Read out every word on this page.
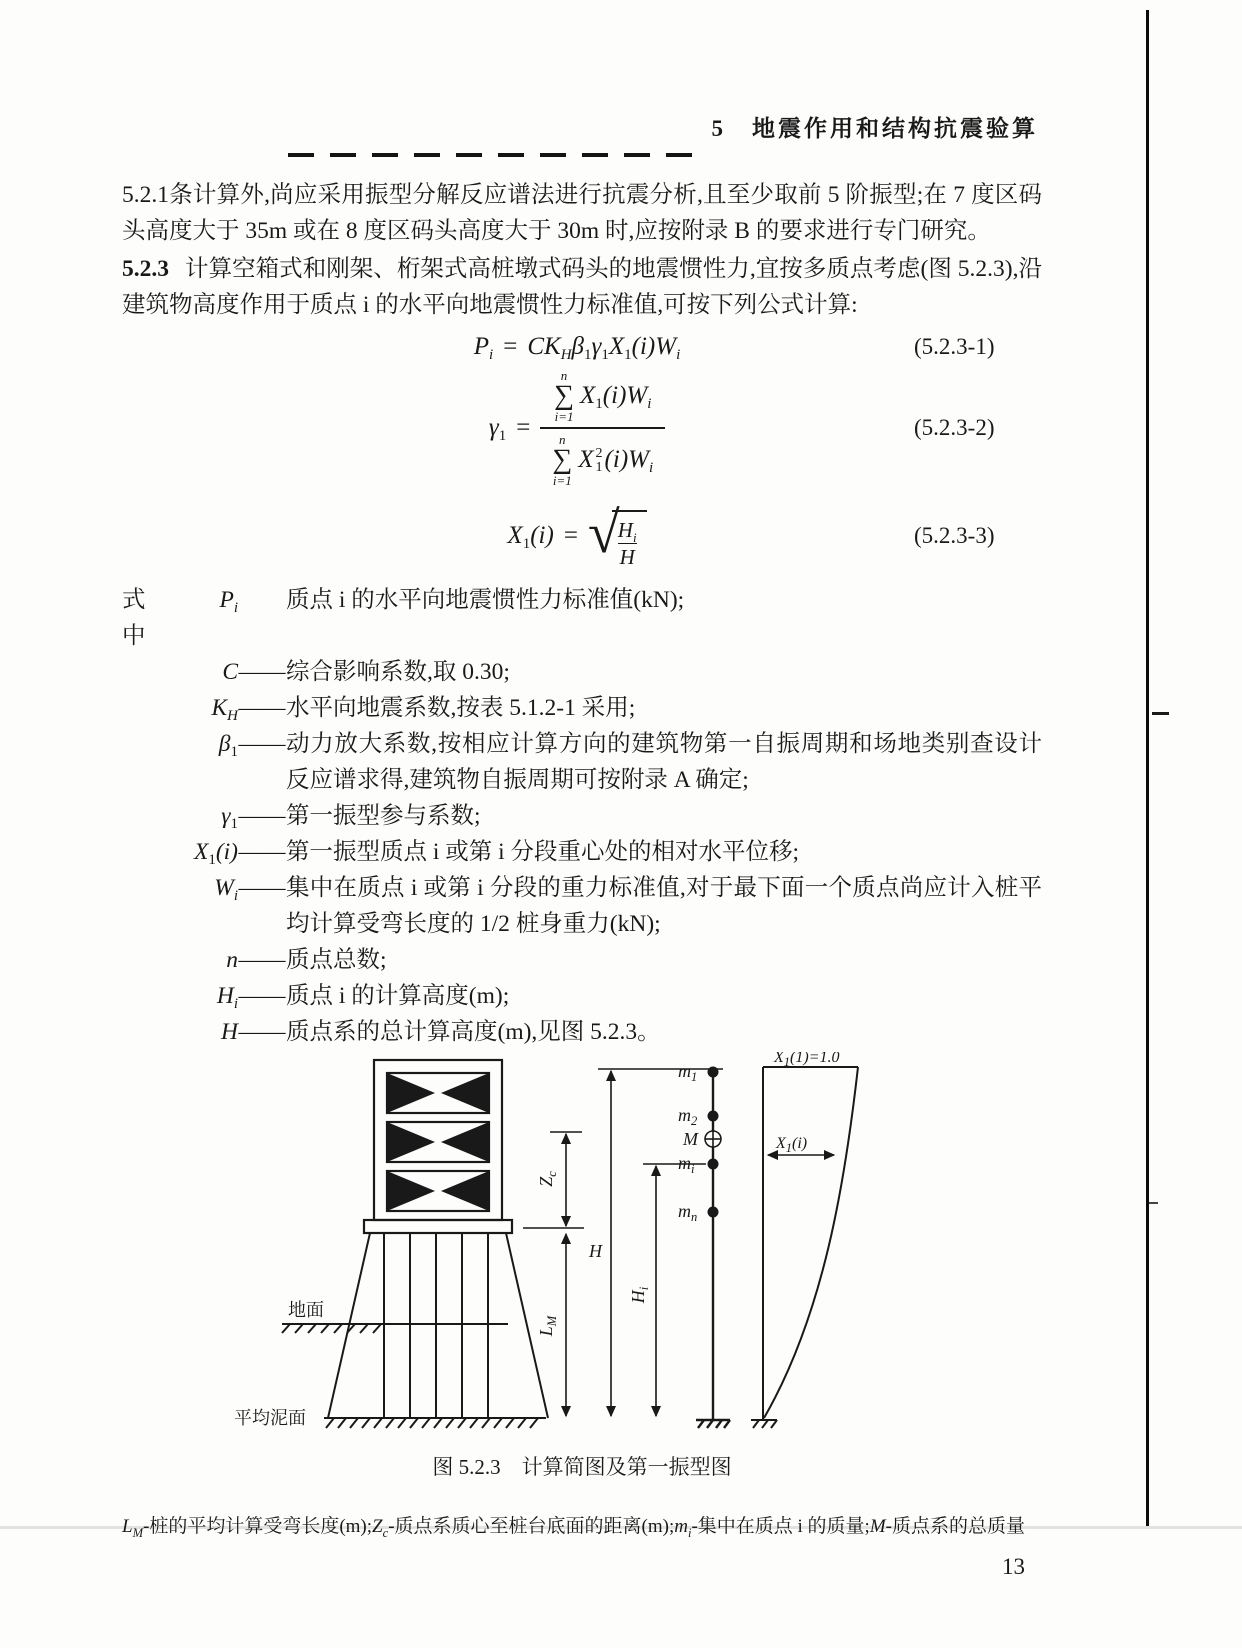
5　地震作用和结构抗震验算

5.2.1条计算外,尚应采用振型分解反应谱法进行抗震分析,且至少取前 5 阶振型;在 7 度区码头高度大于 35m 或在 8 度区码头高度大于 30m 时,应按附录 B 的要求进行专门研究。

5.2.3 计算空箱式和刚架、桁架式高桩墩式码头的地震惯性力,宜按多质点考虑(图 5.2.3),沿建筑物高度作用于质点 i 的水平向地震惯性力标准值,可按下列公式计算:

$P_i = CK_H\beta_1\gamma_1X_1(i)W_i$	(5.2.3-1)
$\gamma_1 = n$
∑
i=1
$X_1(i)W_i$
n
∑
i=1
X 2
1 $(i)W_i$	(5.2.3-2)
$X_1(i)$ = √
$\frac{H_i}{H}$	(5.2.3-3)
式中
$P_i$ 质点 i 的水平向地震惯性力标准值(kN);
C —— 综合影响系数,取 0.30;
$K_H$ —— 水平向地震系数,按表 5.1.2-1 采用;
$\beta_1$ —— 动力放大系数,按相应计算方向的建筑物第一自振周期和场地类别查设计反应谱求得,建筑物自振周期可按附录 A 确定;
$\gamma_1$ —— 第一振型参与系数;
$X_1(i)$ —— 第一振型质点 i 或第 i 分段重心处的相对水平位移;
$W_i$ —— 集中在质点 i 或第 i 分段的重力标准值,对于最下面一个质点尚应计入桩平均计算受弯长度的 1/2 桩身重力(kN);
n —— 质点总数;
$H_i$ —— 质点 i 的计算高度(m);
H —— 质点系的总计算高度(m),见图 5.2.3。
地面
平均泥面
$Z_c$
H
$L_M$
$H_i$
$m_1$
$m_2$
M
$m_i$
$m_n$
$X_1(1)=1.0$
$X_1(i)$
图 5.2.3　计算简图及第一振型图
$L_M-$桩的平均计算受弯长度$(m);Z_c-$质点系质心至桩台底面的距离$(m);m_i-$集中在质点 i 的质量;M-质点系的总质量
13
